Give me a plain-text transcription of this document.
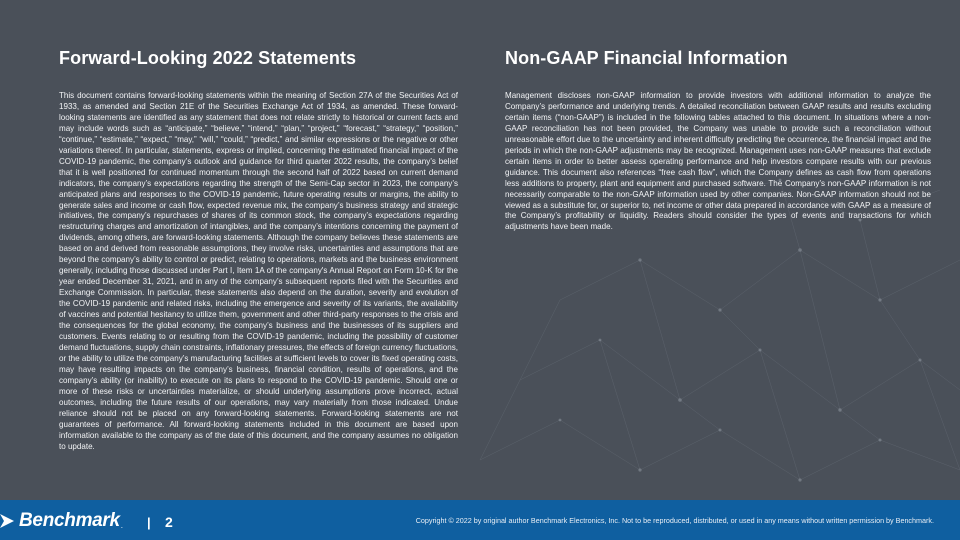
Forward-Looking 2022 Statements

This document contains forward-looking statements within the meaning of Section 27A of the Securities Act of 1933, as amended and Section 21E of the Securities Exchange Act of 1934, as amended. These forward-looking statements are identified as any statement that does not relate strictly to historical or current facts and may include words such as “anticipate,” “believe,” “intend,” “plan,” “project,” “forecast,” “strategy,” “position,” “continue,” “estimate,” “expect,” “may,” “will,” “could,” “predict,” and similar expressions or the negative or other variations thereof. In particular, statements, express or implied, concerning the estimated financial impact of the COVID-19 pandemic, the company’s outlook and guidance for third quarter 2022 results, the company’s belief that it is well positioned for continued momentum through the second half of 2022 based on current demand indicators, the company’s expectations regarding the strength of the Semi-Cap sector in 2023, the company’s anticipated plans and responses to the COVID-19 pandemic, future operating results or margins, the ability to generate sales and income or cash flow, expected revenue mix, the company’s business strategy and strategic initiatives, the company’s repurchases of shares of its common stock, the company’s expectations regarding restructuring charges and amortization of intangibles, and the company’s intentions concerning the payment of dividends, among others, are forward-looking statements. Although the company believes these statements are based on and derived from reasonable assumptions, they involve risks, uncertainties and assumptions that are beyond the company’s ability to control or predict, relating to operations, markets and the business environment generally, including those discussed under Part I, Item 1A of the company's Annual Report on Form 10-K for the year ended December 31, 2021, and in any of the company’s subsequent reports filed with the Securities and Exchange Commission. In particular, these statements also depend on the duration, severity and evolution of the COVID-19 pandemic and related risks, including the emergence and severity of its variants, the availability of vaccines and potential hesitancy to utilize them, government and other third-party responses to the crisis and the consequences for the global economy, the company’s business and the businesses of its suppliers and customers. Events relating to or resulting from the COVID-19 pandemic, including the possibility of customer demand fluctuations, supply chain constraints, inflationary pressures, the effects of foreign currency fluctuations, or the ability to utilize the company’s manufacturing facilities at sufficient levels to cover its fixed operating costs, may have resulting impacts on the company’s business, financial condition, results of operations, and the company’s ability (or inability) to execute on its plans to respond to the COVID-19 pandemic. Should one or more of these risks or uncertainties materialize, or should underlying assumptions prove incorrect, actual outcomes, including the future results of our operations, may vary materially from those indicated. Undue reliance should not be placed on any forward-looking statements. Forward-looking statements are not guarantees of performance. All forward-looking statements included in this document are based upon information available to the company as of the date of this document, and the company assumes no obligation to update.

Non-GAAP Financial Information

Management discloses non‑GAAP information to provide investors with additional information to analyze the Company’s performance and underlying trends. A detailed reconciliation between GAAP results and results excluding certain items (“non-GAAP”) is included in the following tables attached to this document. In situations where a non-GAAP reconciliation has not been provided, the Company was unable to provide such a reconciliation without unreasonable effort due to the uncertainty and inherent difficulty predicting the occurrence, the financial impact and the periods in which the non-GAAP adjustments may be recognized. Management uses non‑GAAP measures that exclude certain items in order to better assess operating performance and help investors compare results with our previous guidance. This document also references “free cash flow”, which the Company defines as cash flow from operations less additions to property, plant and equipment and purchased software. The Company’s non‑GAAP information is not necessarily comparable to the non‑GAAP information used by other companies. Non‑GAAP information should not be viewed as a substitute for, or superior to, net income or other data prepared in accordance with GAAP as a measure of the Company’s profitability or liquidity. Readers should consider the types of events and transactions for which adjustments have been made.

Benchmark . | 2	Copyright © 2022 by original author Benchmark Electronics, Inc. Not to be reproduced, distributed, or used in any means without written permission by Benchmark.
